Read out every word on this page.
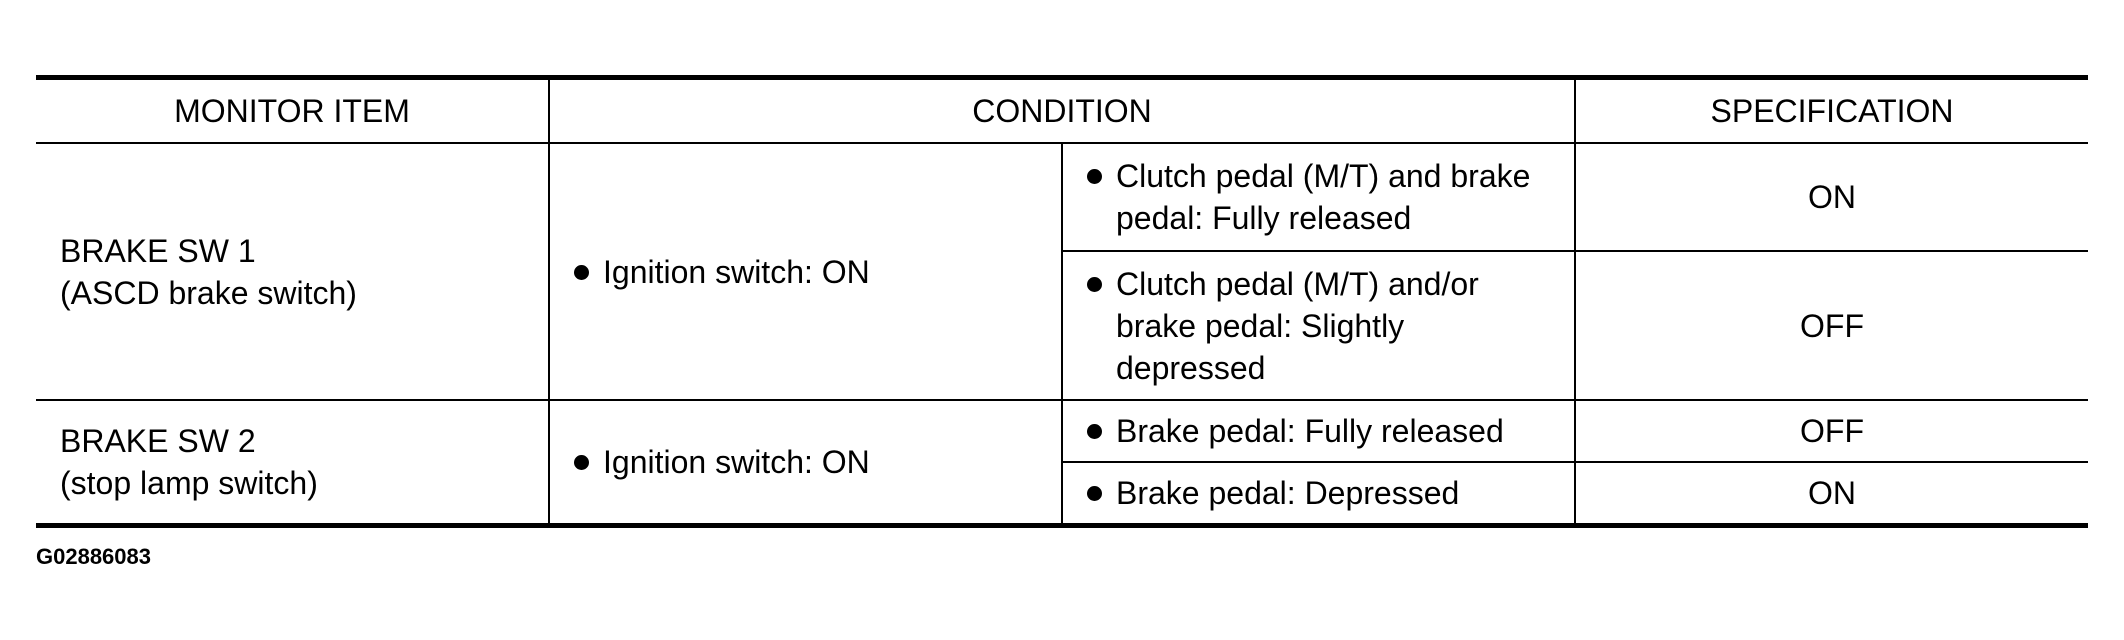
MONITOR ITEM	CONDITION		SPECIFICATION

BRAKE SW 1
(ASCD brake switch)	Ignition switch: ON	Clutch pedal (M/T) and brake pedal: Fully released	ON

		Clutch pedal (M/T) and/or brake pedal: Slightly depressed	OFF

BRAKE SW 2
(stop lamp switch)	Ignition switch: ON	Brake pedal: Fully released	OFF

		Brake pedal: Depressed	ON
G02886083
